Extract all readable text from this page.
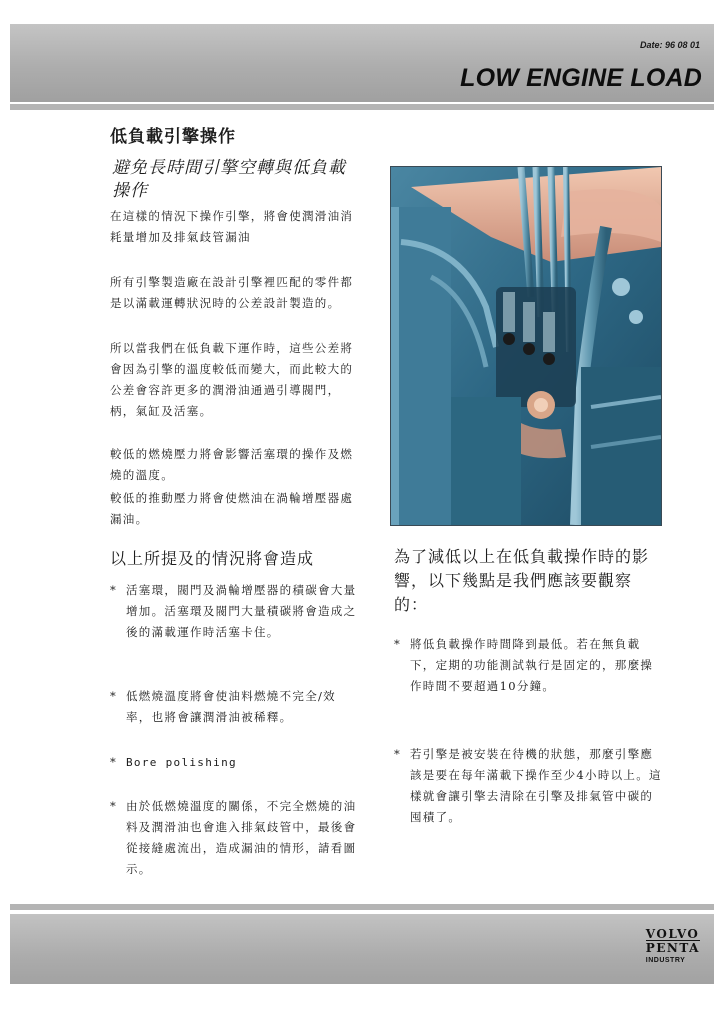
Date: 96 08 01
LOW ENGINE LOAD
低負載引擎操作
避免長時間引擎空轉與低負載操作

在這樣的情況下操作引擎，將會使潤滑油消耗量增加及排氣歧管漏油

所有引擎製造廠在設計引擎裡匹配的零件都是以滿載運轉狀況時的公差設計製造的。

所以當我們在低負載下運作時，這些公差將會因為引擎的溫度較低而變大，而此較大的公差會容許更多的潤滑油通過引導閥門，柄，氣缸及活塞。

較低的燃燒壓力將會影響活塞環的操作及燃燒的溫度。

較低的推動壓力將會使燃油在渦輪增壓器處漏油。

以上所提及的情況將會造成
* 活塞環，閥門及渦輪增壓器的積碳會大量增加。活塞環及閥門大量積碳將會造成之後的滿載運作時活塞卡住。
* 低燃燒溫度將會使油料燃燒不完全/效率，也將會讓潤滑油被稀釋。
* Bore polishing
* 由於低燃燒溫度的關係，不完全燃燒的油料及潤滑油也會進入排氣歧管中，最後會從接縫處流出，造成漏油的情形，請看圖示。
為了減低以上在低負載操作時的影響，以下幾點是我們應該要觀察的：
* 將低負載操作時間降到最低。若在無負載下，定期的功能測試執行是固定的，那麼操作時間不要超過10分鐘。
* 若引擎是被安裝在待機的狀態，那麼引擎應該是要在每年滿載下操作至少4小時以上。這樣就會讓引擎去清除在引擎及排氣管中碳的囤積了。
VOLVO
PENTA
INDUSTRY
